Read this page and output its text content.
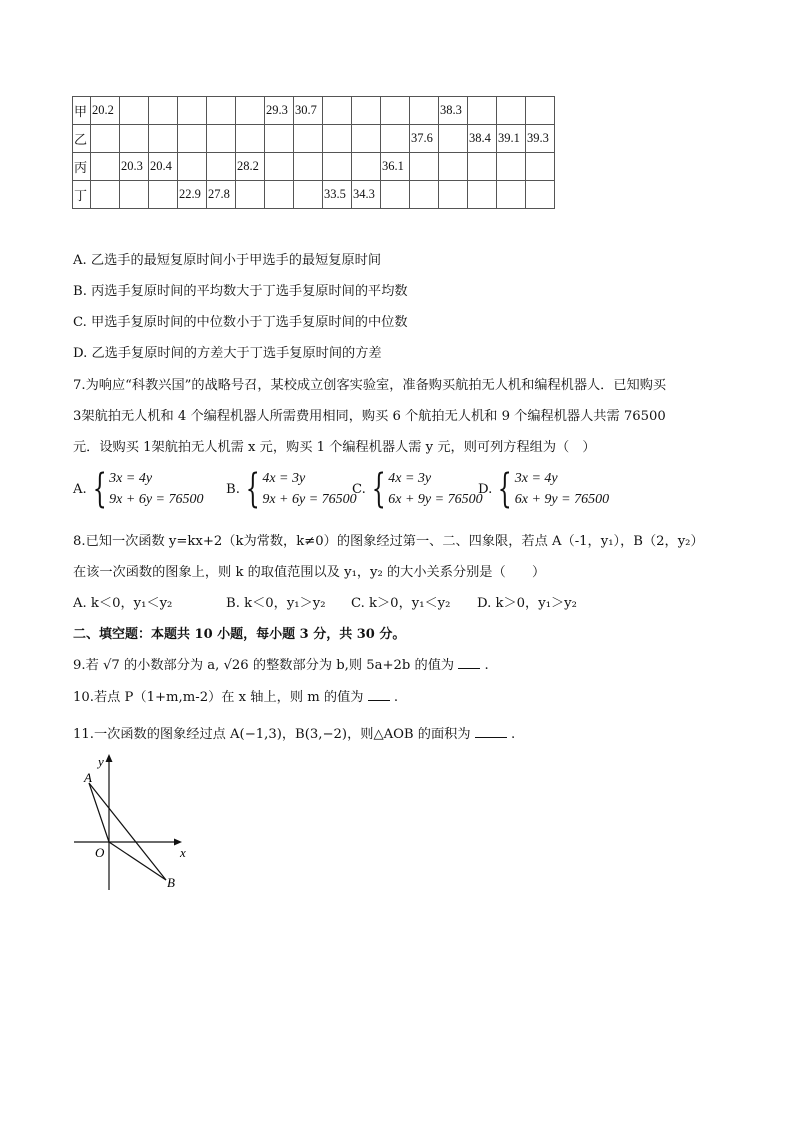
甲	20.2						29.3	30.7					38.3			
乙												37.6		38.4	39.1	39.3
丙		20.3	20.4			28.2					36.1					
丁				22.9	27.8				33.5	34.3						
A. 乙选手的最短复原时间小于甲选手的最短复原时间
B. 丙选手复原时间的平均数大于丁选手复原时间的平均数
C. 甲选手复原时间的中位数小于丁选手复原时间的中位数
D. 乙选手复原时间的方差大于丁选手复原时间的方差
7.为响应“科教兴国”的战略号召，某校成立创客实验室，准备购买航拍无人机和编程机器人．已知购买
3架航拍无人机和 4 个编程机器人所需费用相同，购买 6 个航拍无人机和 9 个编程机器人共需 76500
元．设购买 1架航拍无人机需 x 元，购买 1 个编程机器人需 y 元，则可列方程组为（　）
A. { 3x = 4y
9x + 6y = 76500
B. { 4x = 3y
9x + 6y = 76500
C. { 4x = 3y
6x + 9y = 76500
D. { 3x = 4y
6x + 9y = 76500
8.已知一次函数 y=kx+2（k为常数，k≠0）的图象经过第一、二、四象限，若点 A（-1，y₁），B（2，y₂）
在该一次函数的图象上，则 k 的取值范围以及 y₁，y₂ 的大小关系分别是（　　）
A. k＜0，y₁＜y₂	B. k＜0，y₁＞y₂ C. k＞0，y₁＜y₂ D. k＞0，y₁＞y₂
二、填空题：本题共 10 小题，每小题 3 分，共 30 分。
9.若 √7 的小数部分为 a, √26 的整数部分为 b,则 5a+2b 的值为 .
10.若点 P（1+m,m-2）在 x 轴上，则 m 的值为 .
11.一次函数的图象经过点 A(−1,3)，B(3,−2)，则△AOB 的面积为	.
y
x
O
A
B
